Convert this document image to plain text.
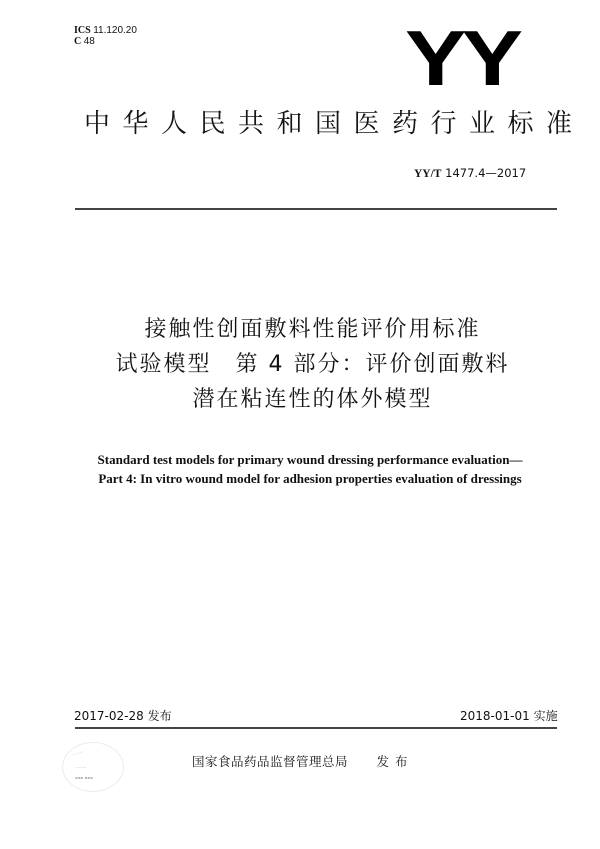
ICS 11.120.20
C 48	YY
中华人民共和国医药行业标准
YY/T 1477.4—2017
接触性创面敷料性能评价用标准
试验模型　第 4 部分：评价创面敷料
潜在粘连性的体外模型
Standard test models for primary wound dressing performance evaluation—
Part 4: In vitro wound model for adhesion properties evaluation of dressings
2017-02-28 发布	2018-01-01 实施
··········
·········
▪▪▪ ▪▪▪
国家食品药品监督管理总局 发布
